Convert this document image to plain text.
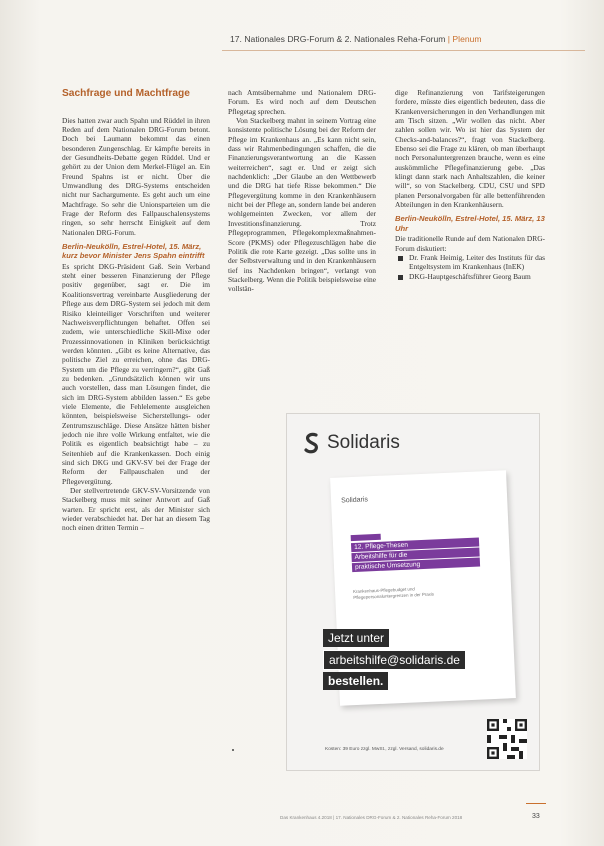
17. Nationales DRG-Forum & 2. Nationales Reha-Forum | Plenum
Sachfrage und Machtfrage

Dies hatten zwar auch Spahn und Rüddel in ihren Reden auf dem Nationalen DRG-Forum betont. Doch bei Laumann bekommt das einen besonderen Zungenschlag. Er kämpfte bereits in der Gesundheits-Debatte gegen Rüddel. Und er gehört zu der Union dem Merkel-Flügel an. Ein Freund Spahns ist er nicht. Über die Umwandlung des DRG-Systems entscheiden nicht nur Sachargumente. Es geht auch um eine Machtfrage. So sehr die Unionsparteien um die Frage der Reform des Fallpauschalensystems ringen, so sehr herrscht Einigkeit auf dem Nationalen DRG-Forum.

Berlin-Neukölln, Estrel-Hotel, 15. März, kurz bevor Minister Jens Spahn eintrifft

Es spricht DKG-Präsident Gaß. Sein Verband steht einer besseren Finanzierung der Pflege positiv gegenüber, sagt er. Die im Koalitionsvertrag vereinbarte Ausgliederung der Pflege aus dem DRG-System sei jedoch mit dem Risiko kleinteiliger Vorschriften und weiterer Nachweisverpflichtungen behaftet. Offen sei zudem, wie unterschiedliche Skill-Mixe oder Prozessinnovationen in Kliniken berücksichtigt werden könnten. „Gibt es keine Alternative, das politische Ziel zu erreichen, ohne das DRG-System um die Pflege zu verringern?“, gibt Gaß zu bedenken. „Grundsätzlich können wir uns auch vorstellen, dass man Lösungen findet, die sich im DRG-System abbilden lassen.“ Es gebe viele Elemente, die Fehlelemente ausgleichen könnten, beispielsweise Sicherstellungs- oder Zentrumszuschläge. Diese Ansätze hätten bisher jedoch nie ihre volle Wirkung entfaltet, wie die Politik es eigentlich beabsichtigt habe – zu Seitenhieb auf die Krankenkassen. Doch einig sind sich DKG und GKV-SV bei der Frage der Reform der Fallpauschalen und der Pflegevergütung.

Der stellvertretende GKV-SV-Vorsitzende von Stackelberg muss mit seiner Antwort auf Gaß warten. Er spricht erst, als der Minister sich wieder verabschiedet hat. Der hat an diesem Tag noch einen dritten Termin –

nach Amtsübernahme und Nationalem DRG-Forum. Es wird noch auf dem Deutschen Pflegetag sprechen.

Von Stackelberg mahnt in seinem Vortrag eine konsistente politische Lösung bei der Reform der Pflege im Krankenhaus an. „Es kann nicht sein, dass wir Rahmenbedingungen schaffen, die die Finanzierungsverantwortung an die Kassen weiterreichen“, sagt er. Und er zeigt sich nachdenklich: „Der Glaube an den Wettbewerb und die DRG hat tiefe Risse bekommen.“ Die Pflegevergütung komme in den Krankenhäusern nicht bei der Pflege an, sondern lande bei anderen wohlgemeinten Zwecken, vor allem der Investitionsfinanzierung. Trotz Pflegeprogrammen, Pflegekomplexmaßnahmen-Score (PKMS) oder Pflegezuschlägen habe die Politik die rote Karte gezeigt. „Das sollte uns in der Selbstverwaltung und in den Krankenhäusern tief ins Nachdenken bringen“, verlangt von Stackelberg. Wenn die Politik beispielsweise eine vollstän-

dige Refinanzierung von Tarifsteigerungen fordere, müsste dies eigentlich bedeuten, dass die Krankenversicherungen in den Verhandlungen mit am Tisch sitzen. „Wir wollen das nicht. Aber zahlen sollen wir. Wo ist hier das System der Checks-and-balances?“, fragt von Stackelberg. Ebenso sei die Frage zu klären, ob man überhaupt noch Personaluntergrenzen brauche, wenn es eine auskömmliche Pflegefinanzierung gebe. „Das klingt dann stark nach Anhaltszahlen, die keiner will“, so von Stackelberg. CDU, CSU und SPD planen Personalvorgaben für alle bettenführenden Abteilungen in den Krankenhäusern.

Berlin-Neukölln, Estrel-Hotel, 15. März, 13 Uhr

Die traditionelle Runde auf dem Nationalen DRG-Forum diskutiert:

Dr. Frank Heimig, Leiter des Instituts für das Entgeltsystem im Krankenhaus (InEK)
DKG-Hauptgeschäftsführer Georg Baum
Solidaris
Solidaris
12. Pflege-Thesen
Arbeitshilfe für die
praktische Umsetzung
Krankenhaus-Pflegebudget und Pflegepersonaluntergrenzen in der Praxis
Jetzt unter
arbeitshilfe@solidaris.de
bestellen.
Kosten: 39 Euro zzgl. MwSt., zzgl. Versand, solidaris.de
Das Krankenhaus 4.2018 | 17. Nationales DRG-Forum & 2. Nationales Reha-Forum 2018	33
